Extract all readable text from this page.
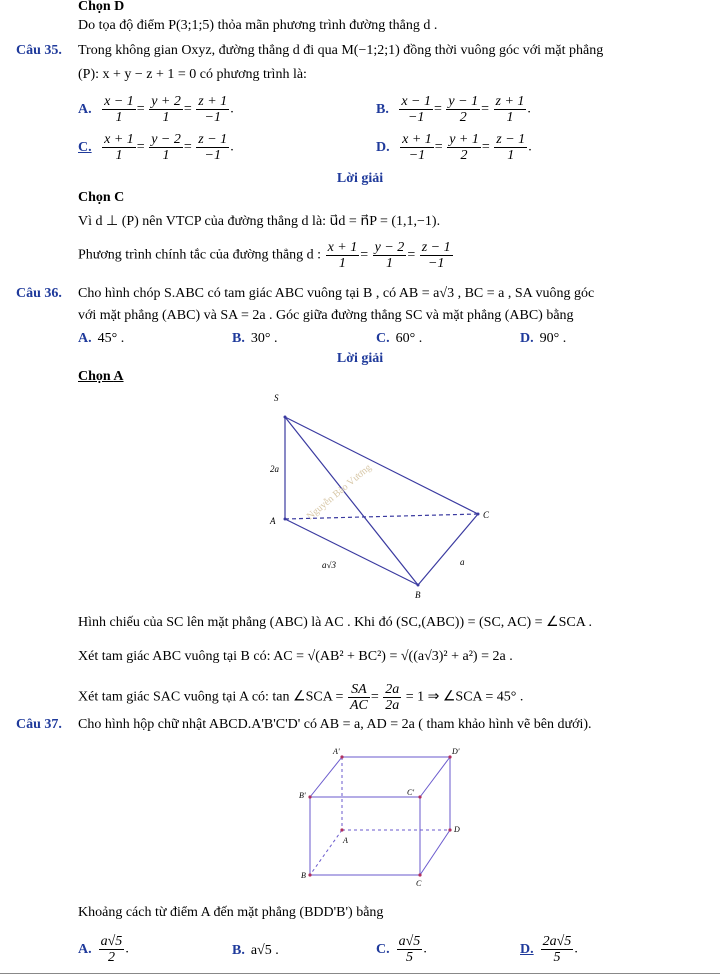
Chọn D
Do tọa độ điểm P(3;1;5) thỏa mãn phương trình đường thẳng d .
Câu 35. Trong không gian Oxyz, đường thẳng d đi qua M(−1;2;1) đồng thời vuông góc với mặt phẳng
(P): x + y − z + 1 = 0 có phương trình là:
A. $\frac{x - 1}{1} = \frac{y + 2}{1} = \frac{z + 1}{-1}$ .	B. $\frac{x - 1}{-1} = \frac{y - 1}{2} = \frac{z + 1}{1}$ .
C. $\frac{x + 1}{1} = \frac{y - 2}{1} = \frac{z - 1}{-1}$ .	D. $\frac{x + 1}{-1} = \frac{y + 1}{2} = \frac{z - 1}{1}$ .
Lời giải
Chọn C
Vì d ⊥ (P) nên VTCP của đường thẳng d là: u⃗d = n⃗P = (1,1,−1).
Phương trình chính tắc của đường thẳng d : $\frac{x + 1}{1} = \frac{y - 2}{1} = \frac{z - 1}{-1}$
Câu 36. Cho hình chóp S.ABC có tam giác ABC vuông tại B , có AB = a√3 , BC = a , SA vuông góc
với mặt phẳng (ABC) và SA = 2a . Góc giữa đường thẳng SC và mặt phẳng (ABC) bằng
A. 45° .	B. 30° .	C. 60° .	D. 90° .
Lời giải
Chọn A
S
A
B
C
2a
a√3	a
Nguyễn Bảo Vương
Hình chiếu của SC lên mặt phẳng (ABC) là AC . Khi đó (SC,(ABC)) = (SC, AC) = ∠SCA .
Xét tam giác ABC vuông tại B có: AC = √(AB² + BC²) = √((a√3)² + a²) = 2a .
Xét tam giác SAC vuông tại A có: tan ∠SCA = $\frac{SA}{AC} = \frac{2a}{2a} = 1$ ⇒ ∠SCA = 45° .
Câu 37. Cho hình hộp chữ nhật ABCD.A'B'C'D' có AB = a, AD = 2a ( tham khảo hình vẽ bên dưới).
A'	D'
B'	C'
A
D
B
C
Khoảng cách từ điểm A đến mặt phẳng (BDD'B') bằng
A. $\frac{a√5}{2}$ .	B. a√5 .	C. $\frac{a√5}{5}$ .	D. $\frac{2a√5}{5}$ .
